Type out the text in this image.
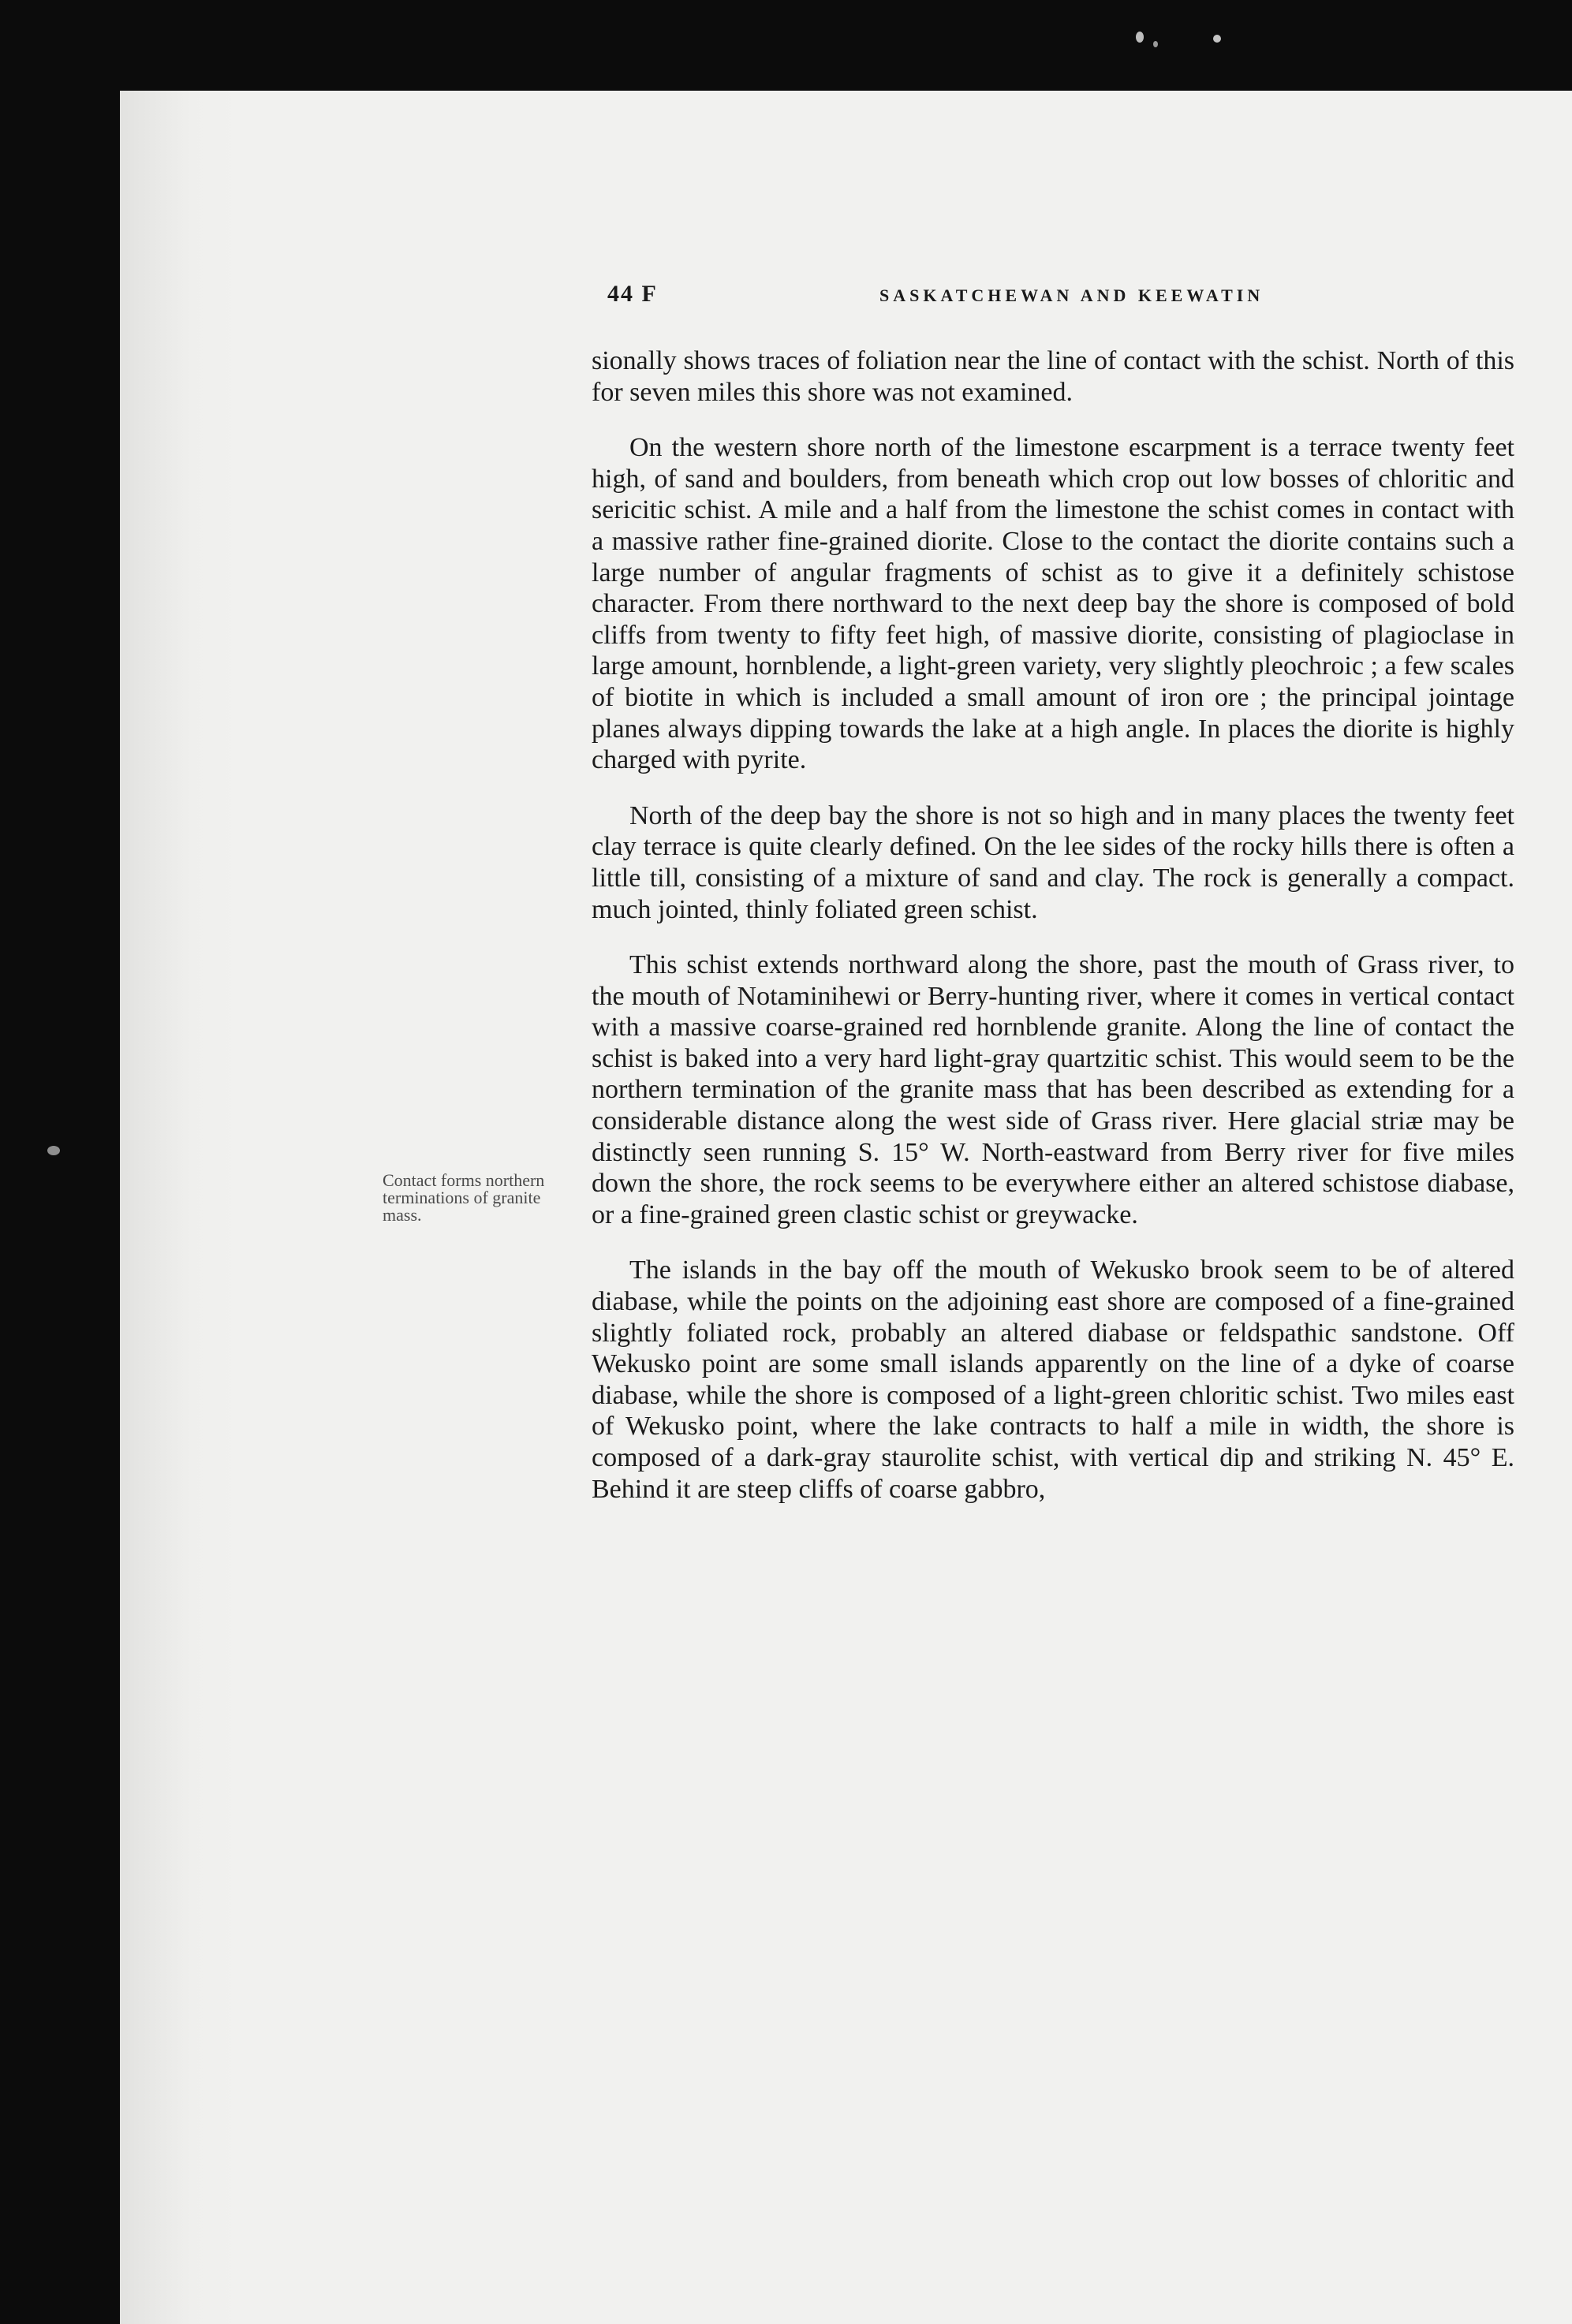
44 F	SASKATCHEWAN AND KEEWATIN
Contact forms northern terminations of granite mass.

sionally shows traces of foliation near the line of contact with the schist. North of this for seven miles this shore was not examined.

On the western shore north of the limestone escarpment is a terrace twenty feet high, of sand and boulders, from beneath which crop out low bosses of chloritic and sericitic schist. A mile and a half from the limestone the schist comes in contact with a massive rather fine-grained diorite. Close to the contact the diorite contains such a large number of angular fragments of schist as to give it a definitely schistose character. From there northward to the next deep bay the shore is composed of bold cliffs from twenty to fifty feet high, of massive diorite, consisting of plagioclase in large amount, hornblende, a light-green variety, very slightly pleochroic ; a few scales of biotite in which is included a small amount of iron ore ; the principal jointage planes always dipping towards the lake at a high angle. In places the diorite is highly charged with pyrite.

North of the deep bay the shore is not so high and in many places the twenty feet clay terrace is quite clearly defined. On the lee sides of the rocky hills there is often a little till, consisting of a mixture of sand and clay. The rock is generally a compact. much jointed, thinly foliated green schist.

This schist extends northward along the shore, past the mouth of Grass river, to the mouth of Notaminihewi or Berry-hunting river, where it comes in vertical contact with a massive coarse-grained red hornblende granite. Along the line of contact the schist is baked into a very hard light-gray quartzitic schist. This would seem to be the northern termination of the granite mass that has been described as extending for a considerable distance along the west side of Grass river. Here glacial striæ may be distinctly seen running S. 15° W. North-eastward from Berry river for five miles down the shore, the rock seems to be everywhere either an altered schistose diabase, or a fine-grained green clastic schist or greywacke.

The islands in the bay off the mouth of Wekusko brook seem to be of altered diabase, while the points on the adjoining east shore are composed of a fine-grained slightly foliated rock, probably an altered diabase or feldspathic sandstone. Off Wekusko point are some small islands apparently on the line of a dyke of coarse diabase, while the shore is composed of a light-green chloritic schist. Two miles east of Wekusko point, where the lake contracts to half a mile in width, the shore is composed of a dark-gray staurolite schist, with vertical dip and striking N. 45° E. Behind it are steep cliffs of coarse gabbro,
